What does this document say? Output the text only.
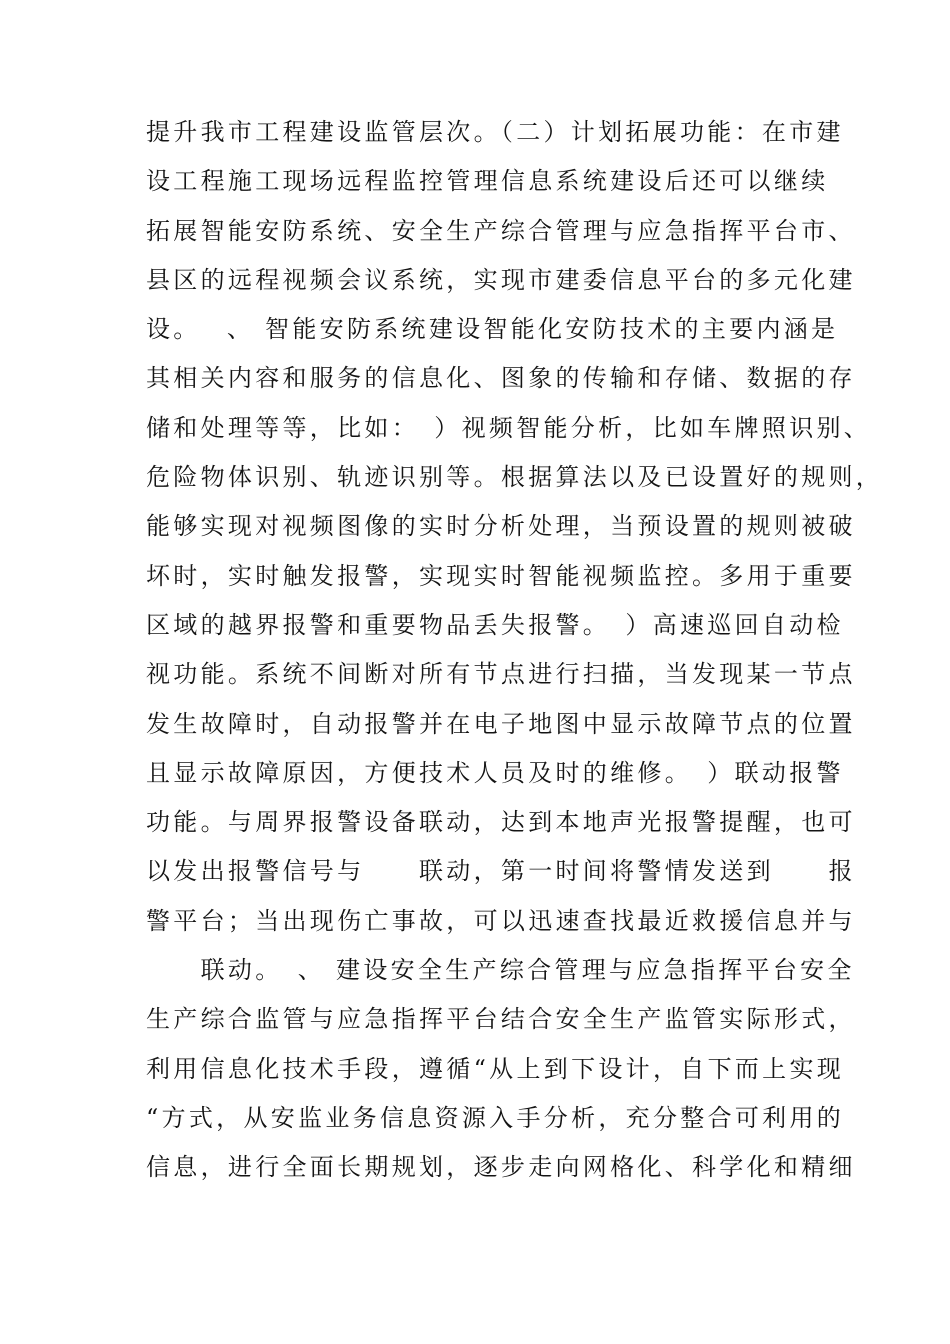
提升我市工程建设监管层次。（二）计划拓展功能：在市建
设工程施工现场远程监控管理信息系统建设后还可以继续
拓展智能安防系统、安全生产综合管理与应急指挥平台市、
县区的远程视频会议系统，实现市建委信息平台的多元化建
设。　 、 智能安防系统建设智能化安防技术的主要内涵是
其相关内容和服务的信息化、图象的传输和存储、数据的存
储和处理等等，比如：　）视频智能分析，比如车牌照识别、
危险物体识别、轨迹识别等。根据算法以及已设置好的规则，
能够实现对视频图像的实时分析处理，当预设置的规则被破
坏时，实时触发报警，实现实时智能视频监控。多用于重要
区域的越界报警和重要物品丢失报警。　）高速巡回自动检
视功能。系统不间断对所有节点进行扫描，当发现某一节点
发生故障时，自动报警并在电子地图中显示故障节点的位置
且显示故障原因，方便技术人员及时的维修。　）联动报警
功能。与周界报警设备联动，达到本地声光报警提醒，也可
以发出报警信号与　　联动，第一时间将警情发送到　　报
警平台；当出现伤亡事故，可以迅速查找最近救援信息并与
　　联动。　、 建设安全生产综合管理与应急指挥平台安全
生产综合监管与应急指挥平台结合安全生产监管实际形式，
利用信息化技术手段，遵循“从上到下设计，自下而上实现
“方式，从安监业务信息资源入手分析，充分整合可利用的
信息，进行全面长期规划，逐步走向网格化、科学化和精细
